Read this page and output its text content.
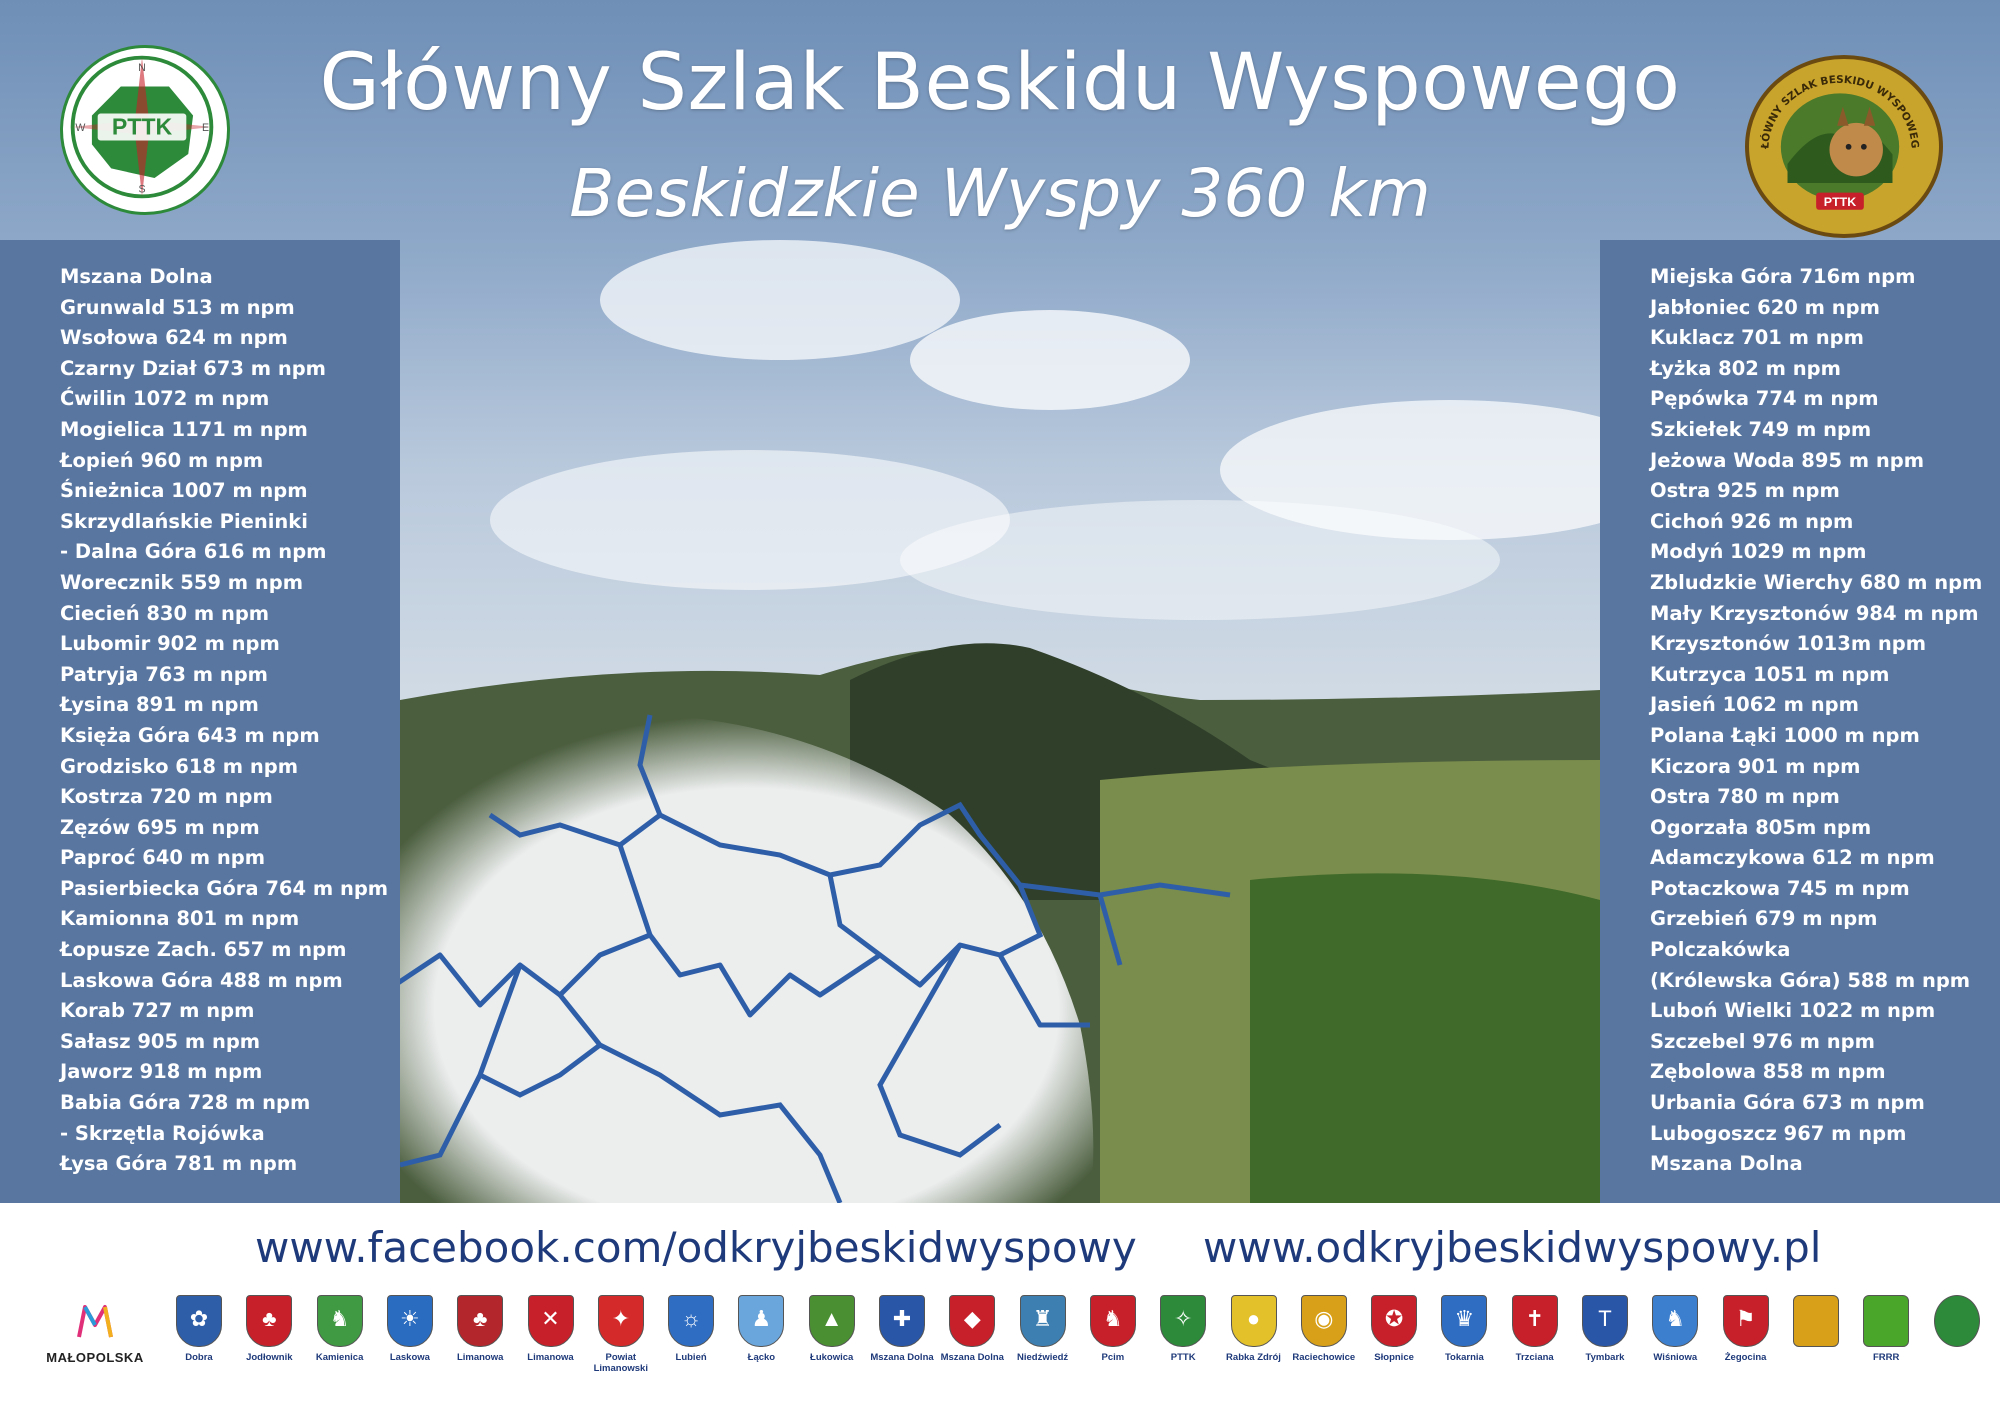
Główny Szlak Beskidu Wyspowego
Beskidzkie Wyspy 360 km
PTTK
N
E
S
W
ŁÓWNY SZLAK BESKIDU WYSPOWEG
PTTK
Mszana Dolna
Grunwald 513 m npm
Wsołowa 624 m npm
Czarny Dział 673 m npm
Ćwilin 1072 m npm
Mogielica 1171 m npm
Łopień 960 m npm
Śnieżnica 1007 m npm
Skrzydlańskie Pieninki
- Dalna Góra 616 m npm
Worecznik 559 m npm
Ciecień 830 m npm
Lubomir 902 m npm
Patryja 763 m npm
Łysina 891 m npm
Księża Góra 643 m npm
Grodzisko 618 m npm
Kostrza 720 m npm
Zęzów 695 m npm
Paproć 640 m npm
Pasierbiecka Góra 764 m npm
Kamionna 801 m npm
Łopusze Zach. 657 m npm
Laskowa Góra 488 m npm
Korab 727 m npm
Sałasz 905 m npm
Jaworz 918 m npm
Babia Góra 728 m npm
- Skrzętla Rojówka
Łysa Góra 781 m npm
Miejska Góra 716m npm
Jabłoniec 620 m npm
Kuklacz 701 m npm
Łyżka 802 m npm
Pępówka 774 m npm
Szkiełek 749 m npm
Jeżowa Woda 895 m npm
Ostra 925 m npm
Cichoń 926 m npm
Modyń 1029 m npm
Zbludzkie Wierchy 680 m npm
Mały Krzysztonów 984 m npm
Krzysztonów 1013m npm
Kutrzyca 1051 m npm
Jasień 1062 m npm
Polana Łąki 1000 m npm
Kiczora 901 m npm
Ostra 780 m npm
Ogorzała 805m npm
Adamczykowa 612 m npm
Potaczkowa 745 m npm
Grzebień 679 m npm
Polczakówka
(Królewska Góra) 588 m npm
Luboń Wielki 1022 m npm
Szczebel 976 m npm
Zębolowa 858 m npm
Urbania Góra 673 m npm
Lubogoszcz 967 m npm
Mszana Dolna
www.facebook.com/odkryjbeskidwyspowy www.odkryjbeskidwyspowy.pl
MAŁOPOLSKA
✿
Dobra
♣
Jodłownik
♞
Kamienica
☀
Laskowa
♣
Limanowa
✕
Limanowa
✦
Powiat Limanowski
☼
Lubień
♟
Łącko
▲
Łukowica
✚
Mszana Dolna
◆
Mszana Dolna
♜
Niedźwiedź
♞
Pcim
✧
PTTK
●
Rabka Zdrój
◉
Raciechowice
✪
Słopnice
♛
Tokarnia
✝
Trzciana
T
Tymbark
♞
Wiśniowa
⚑
Żegocina	FRRR
